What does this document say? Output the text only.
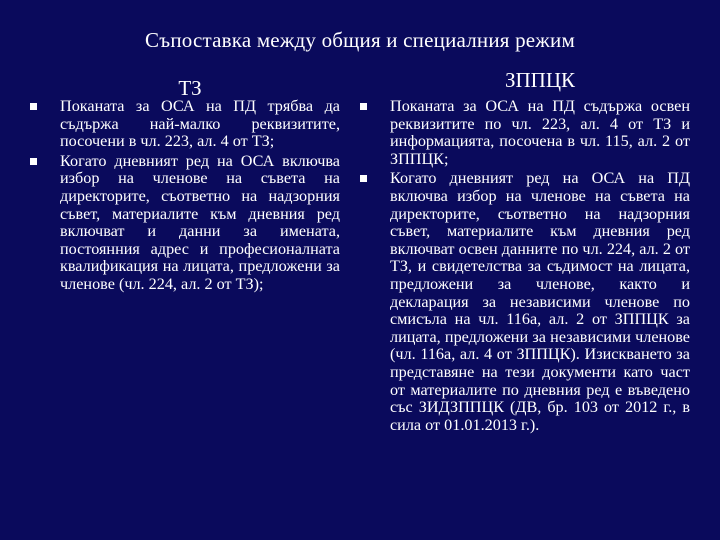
Съпоставка между общия и специалния режим
ТЗ	ЗППЦК
Поканата за ОСА на ПД трябва да съдържа най-малко реквизитите, посочени в чл. 223, ал. 4 от ТЗ;
Когато дневният ред на ОСА включва избор на членове на съвета на директорите, съответно на надзорния съвет, материалите към дневния ред включват и данни за имената, постоянния адрес и професионалната квалификация на лицата, предложени за членове (чл. 224, ал. 2 от ТЗ);
Поканата за ОСА на ПД съдържа освен реквизитите по чл. 223, ал. 4 от ТЗ и информацията, посочена в чл. 115, ал. 2 от ЗППЦК;
Когато дневният ред на ОСА на ПД включва избор на членове на съвета на директорите, съответно на надзорния съвет, материалите към дневния ред включват освен данните по чл. 224, ал. 2 от ТЗ, и свидетелства за съдимост на лицата, предложени за членове, както и декларация за независими членове по смисъла на чл. 116а, ал. 2 от ЗППЦК за лицата, предложени за независими членове (чл. 116а, ал. 4 от ЗППЦК). Изискването за представяне на тези документи като част от материалите по дневния ред е въведено със ЗИДЗППЦК (ДВ, бр. 103 от 2012 г., в сила от 01.01.2013 г.).
